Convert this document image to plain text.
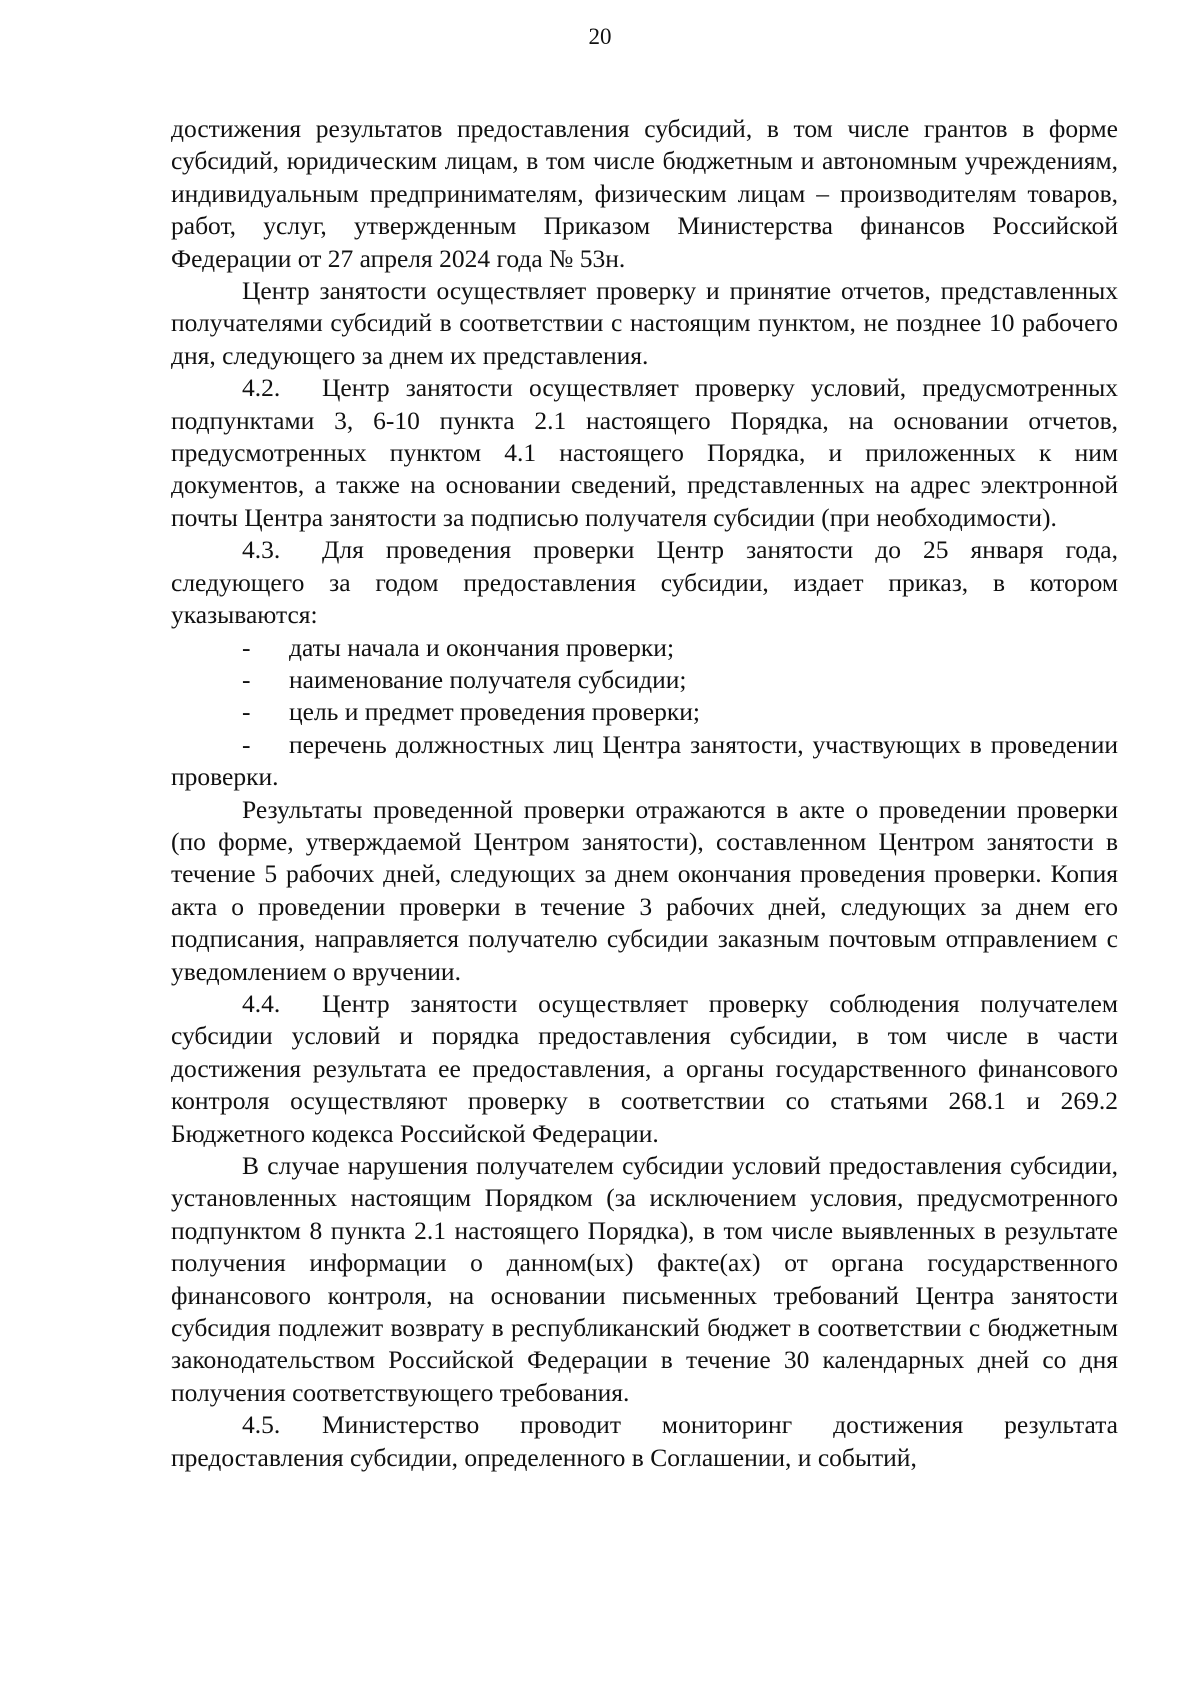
20

достижения результатов предоставления субсидий, в том числе грантов в форме субсидий, юридическим лицам, в том числе бюджетным и автономным учреждениям, индивидуальным предпринимателям, физическим лицам – производителям товаров, работ, услуг, утвержденным Приказом Министерства финансов Российской Федерации от 27 апреля 2024 года № 53н.

Центр занятости осуществляет проверку и принятие отчетов, представленных получателями субсидий в соответствии с настоящим пунктом, не позднее 10 рабочего дня, следующего за днем их представления.

4.2. Центр занятости осуществляет проверку условий, предусмотренных подпунктами 3, 6-10 пункта 2.1 настоящего Порядка, на основании отчетов, предусмотренных пунктом 4.1 настоящего Порядка, и приложенных к ним документов, а также на основании сведений, представленных на адрес электронной почты Центра занятости за подписью получателя субсидии (при необходимости).

4.3. Для проведения проверки Центр занятости до 25 января года, следующего за годом предоставления субсидии, издает приказ, в котором указываются:

- даты начала и окончания проверки;
- наименование получателя субсидии;
- цель и предмет проведения проверки;
- перечень должностных лиц Центра занятости, участвующих в проведении проверки.

Результаты проведенной проверки отражаются в акте о проведении проверки (по форме, утверждаемой Центром занятости), составленном Центром занятости в течение 5 рабочих дней, следующих за днем окончания проведения проверки. Копия акта о проведении проверки в течение 3 рабочих дней, следующих за днем его подписания, направляется получателю субсидии заказным почтовым отправлением с уведомлением о вручении.

4.4. Центр занятости осуществляет проверку соблюдения получателем субсидии условий и порядка предоставления субсидии, в том числе в части достижения результата ее предоставления, а органы государственного финансового контроля осуществляют проверку в соответствии со статьями 268.1 и 269.2 Бюджетного кодекса Российской Федерации.

В случае нарушения получателем субсидии условий предоставления субсидии, установленных настоящим Порядком (за исключением условия, предусмотренного подпунктом 8 пункта 2.1 настоящего Порядка), в том числе выявленных в результате получения информации о данном(ых) факте(ах) от органа государственного финансового контроля, на основании письменных требований Центра занятости субсидия подлежит возврату в республиканский бюджет в соответствии с бюджетным законодательством Российской Федерации в течение 30 календарных дней со дня получения соответствующего требования.

4.5. Министерство проводит мониторинг достижения результата предоставления субсидии, определенного в Соглашении, и событий,
